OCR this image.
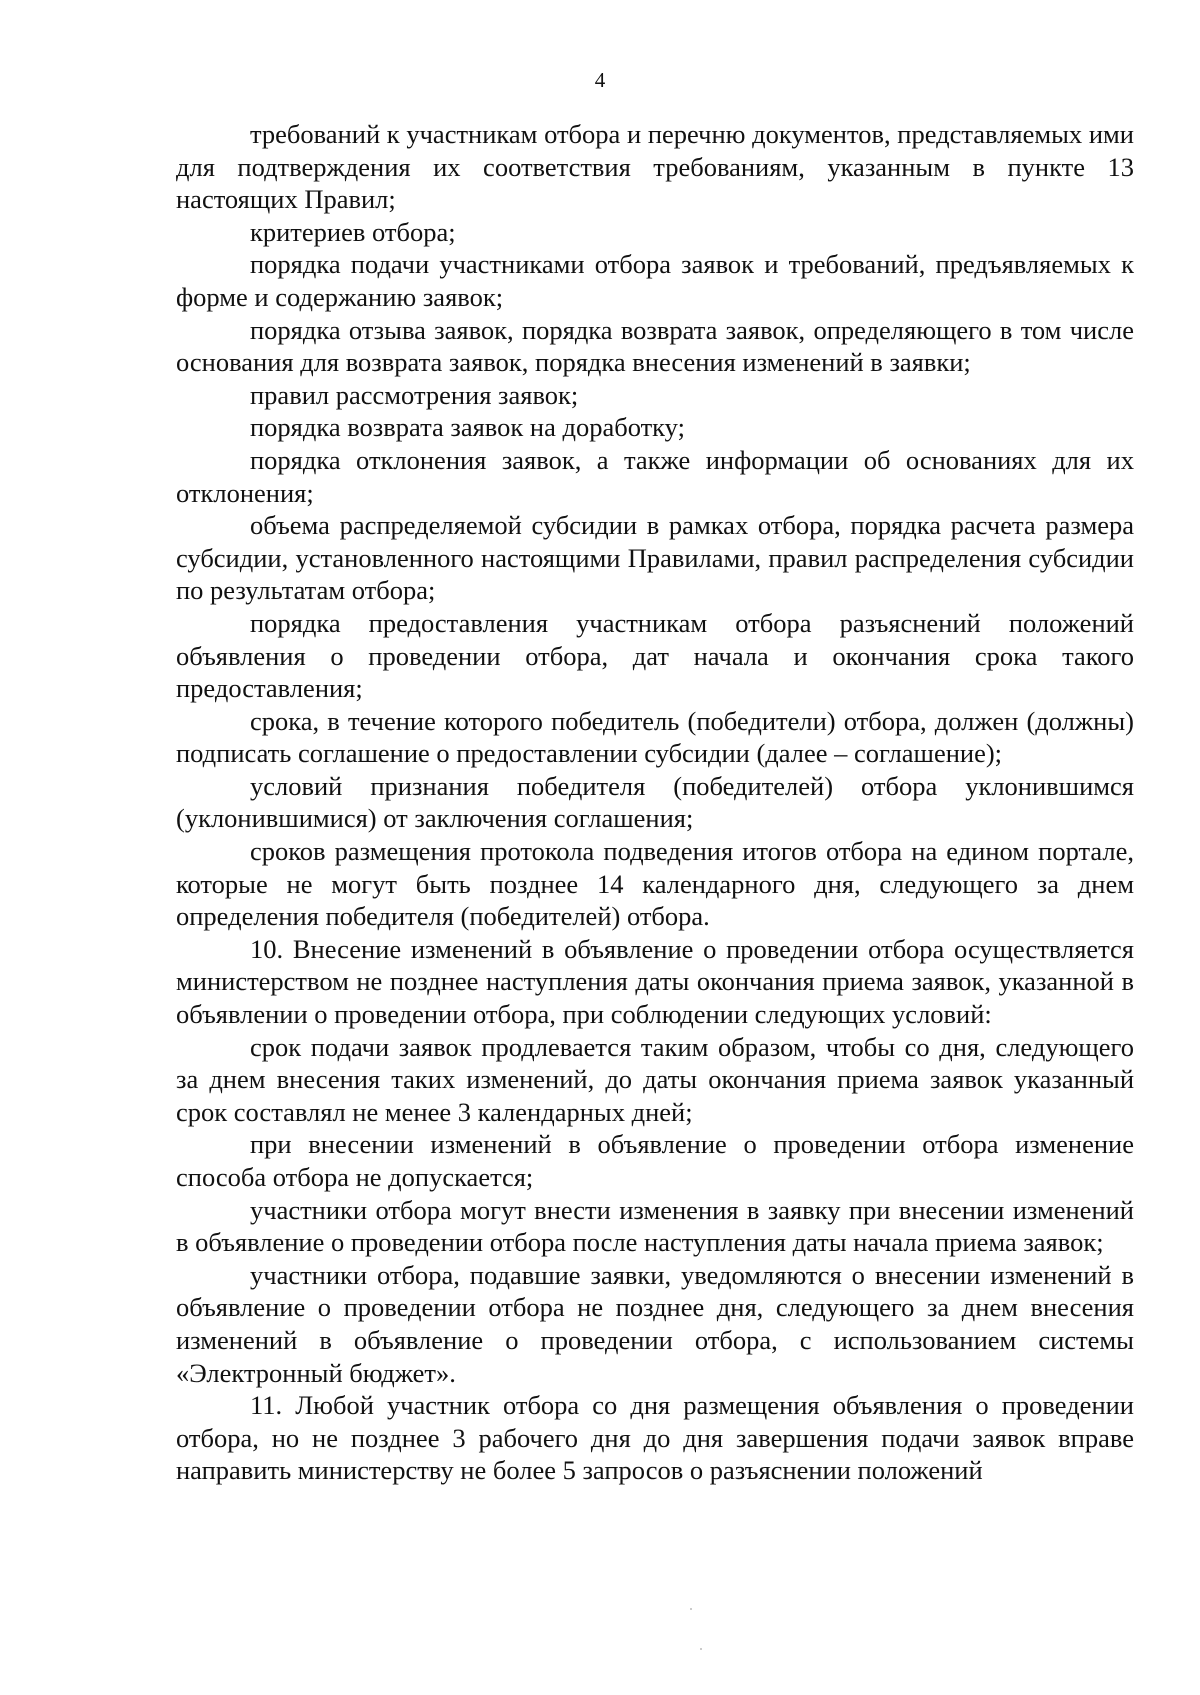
4

требований к участникам отбора и перечню документов, представляемых ими для подтверждения их соответствия требованиям, указанным в пункте 13 настоящих Правил;

критериев отбора;

порядка подачи участниками отбора заявок и требований, предъявляемых к форме и содержанию заявок;

порядка отзыва заявок, порядка возврата заявок, определяющего в том числе основания для возврата заявок, порядка внесения изменений в заявки;

правил рассмотрения заявок;

порядка возврата заявок на доработку;

порядка отклонения заявок, а также информации об основаниях для их отклонения;

объема распределяемой субсидии в рамках отбора, порядка расчета размера субсидии, установленного настоящими Правилами, правил распределения субсидии по результатам отбора;

порядка предоставления участникам отбора разъяснений положений объявления о проведении отбора, дат начала и окончания срока такого предоставления;

срока, в течение которого победитель (победители) отбора, должен (должны) подписать соглашение о предоставлении субсидии (далее – соглашение);

условий признания победителя (победителей) отбора уклонившимся (уклонившимися) от заключения соглашения;

сроков размещения протокола подведения итогов отбора на едином портале, которые не могут быть позднее 14 календарного дня, следующего за днем определения победителя (победителей) отбора.

10. Внесение изменений в объявление о проведении отбора осуществляется министерством не позднее наступления даты окончания приема заявок, указанной в объявлении о проведении отбора, при соблюдении следующих условий:

срок подачи заявок продлевается таким образом, чтобы со дня, следующего за днем внесения таких изменений, до даты окончания приема заявок указанный срок составлял не менее 3 календарных дней;

при внесении изменений в объявление о проведении отбора изменение способа отбора не допускается;

участники отбора могут внести изменения в заявку при внесении изменений в объявление о проведении отбора после наступления даты начала приема заявок;

участники отбора, подавшие заявки, уведомляются о внесении изменений в объявление о проведении отбора не позднее дня, следующего за днем внесения изменений в объявление о проведении отбора, с использованием системы «Электронный бюджет».

11. Любой участник отбора со дня размещения объявления о проведении отбора, но не позднее 3 рабочего дня до дня завершения подачи заявок вправе направить министерству не более 5 запросов о разъяснении положений
